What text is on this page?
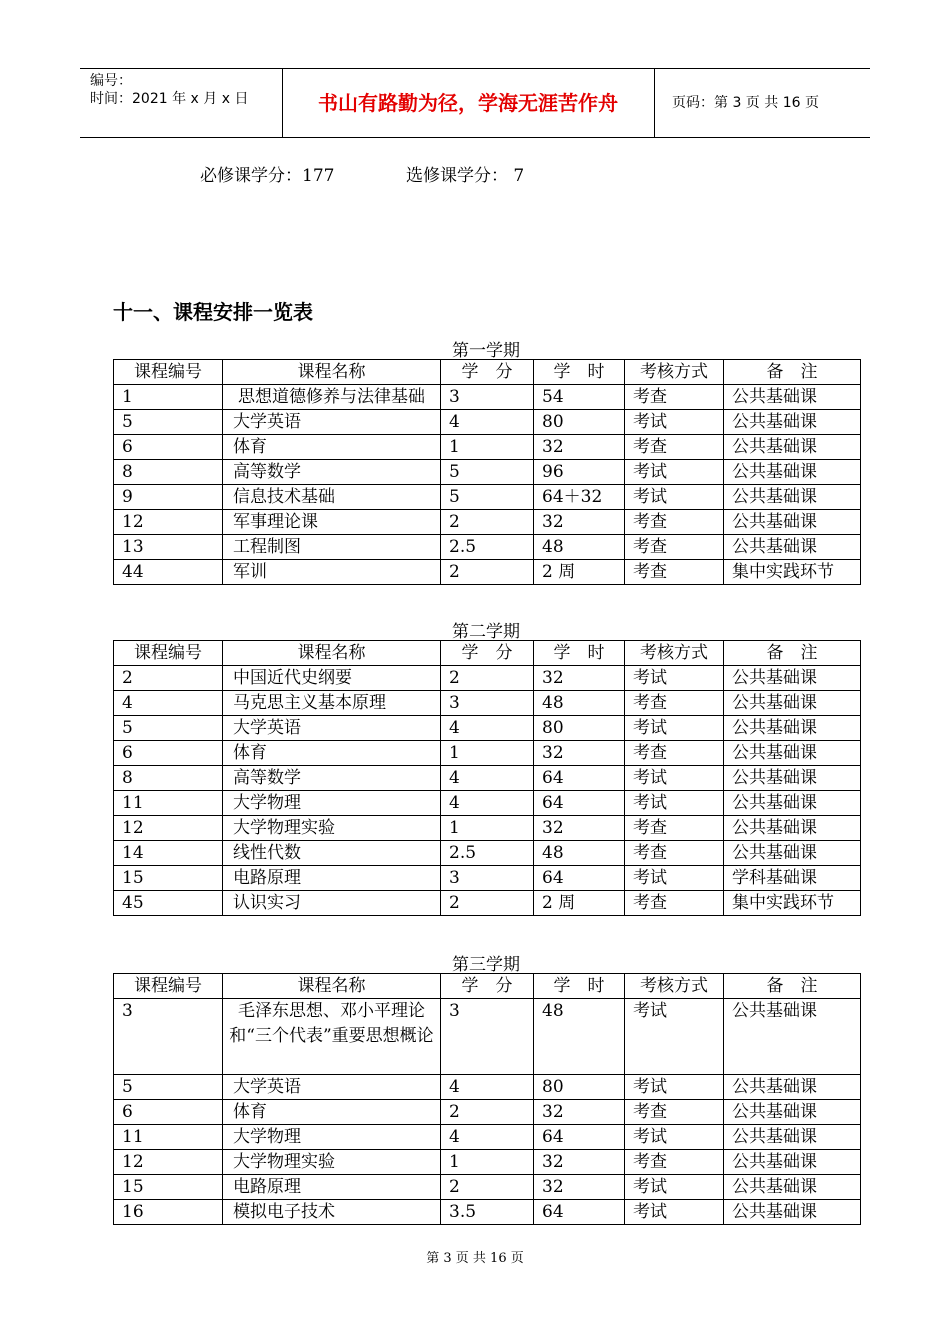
编号：
时间：2021 年 x 月 x 日	书山有路勤为径，学海无涯苦作舟	页码：第 3 页 共 16 页
必修课学分：177	选修课学分： 7
十一、课程安排一览表
第一学期
课程编号	课程名称	学　分	学　时	考核方式	备　注
1	思想道德修养与法律基础	3	54	考查	公共基础课
5	大学英语	4	80	考试	公共基础课
6	体育	1	32	考查	公共基础课
8	高等数学	5	96	考试	公共基础课
9	信息技术基础	5	64＋32	考试	公共基础课
12	军事理论课	2	32	考查	公共基础课
13	工程制图	2.5	48	考查	公共基础课
44	军训	2	2 周	考查	集中实践环节
第二学期
课程编号	课程名称	学　分	学　时	考核方式	备　注
2	中国近代史纲要	2	32	考试	公共基础课
4	马克思主义基本原理	3	48	考查	公共基础课
5	大学英语	4	80	考试	公共基础课
6	体育	1	32	考查	公共基础课
8	高等数学	4	64	考试	公共基础课
11	大学物理	4	64	考试	公共基础课
12	大学物理实验	1	32	考查	公共基础课
14	线性代数	2.5	48	考查	公共基础课
15	电路原理	3	64	考试	学科基础课
45	认识实习	2	2 周	考查	集中实践环节
第三学期
课程编号	课程名称	学　分	学　时	考核方式	备　注
3	毛泽东思想、邓小平理论和“三个代表”重要思想概论	3	48	考试	公共基础课
5	大学英语	4	80	考试	公共基础课
6	体育	2	32	考查	公共基础课
11	大学物理	4	64	考试	公共基础课
12	大学物理实验	1	32	考查	公共基础课
15	电路原理	2	32	考试	公共基础课
16	模拟电子技术	3.5	64	考试	公共基础课
第 3 页 共 16 页
